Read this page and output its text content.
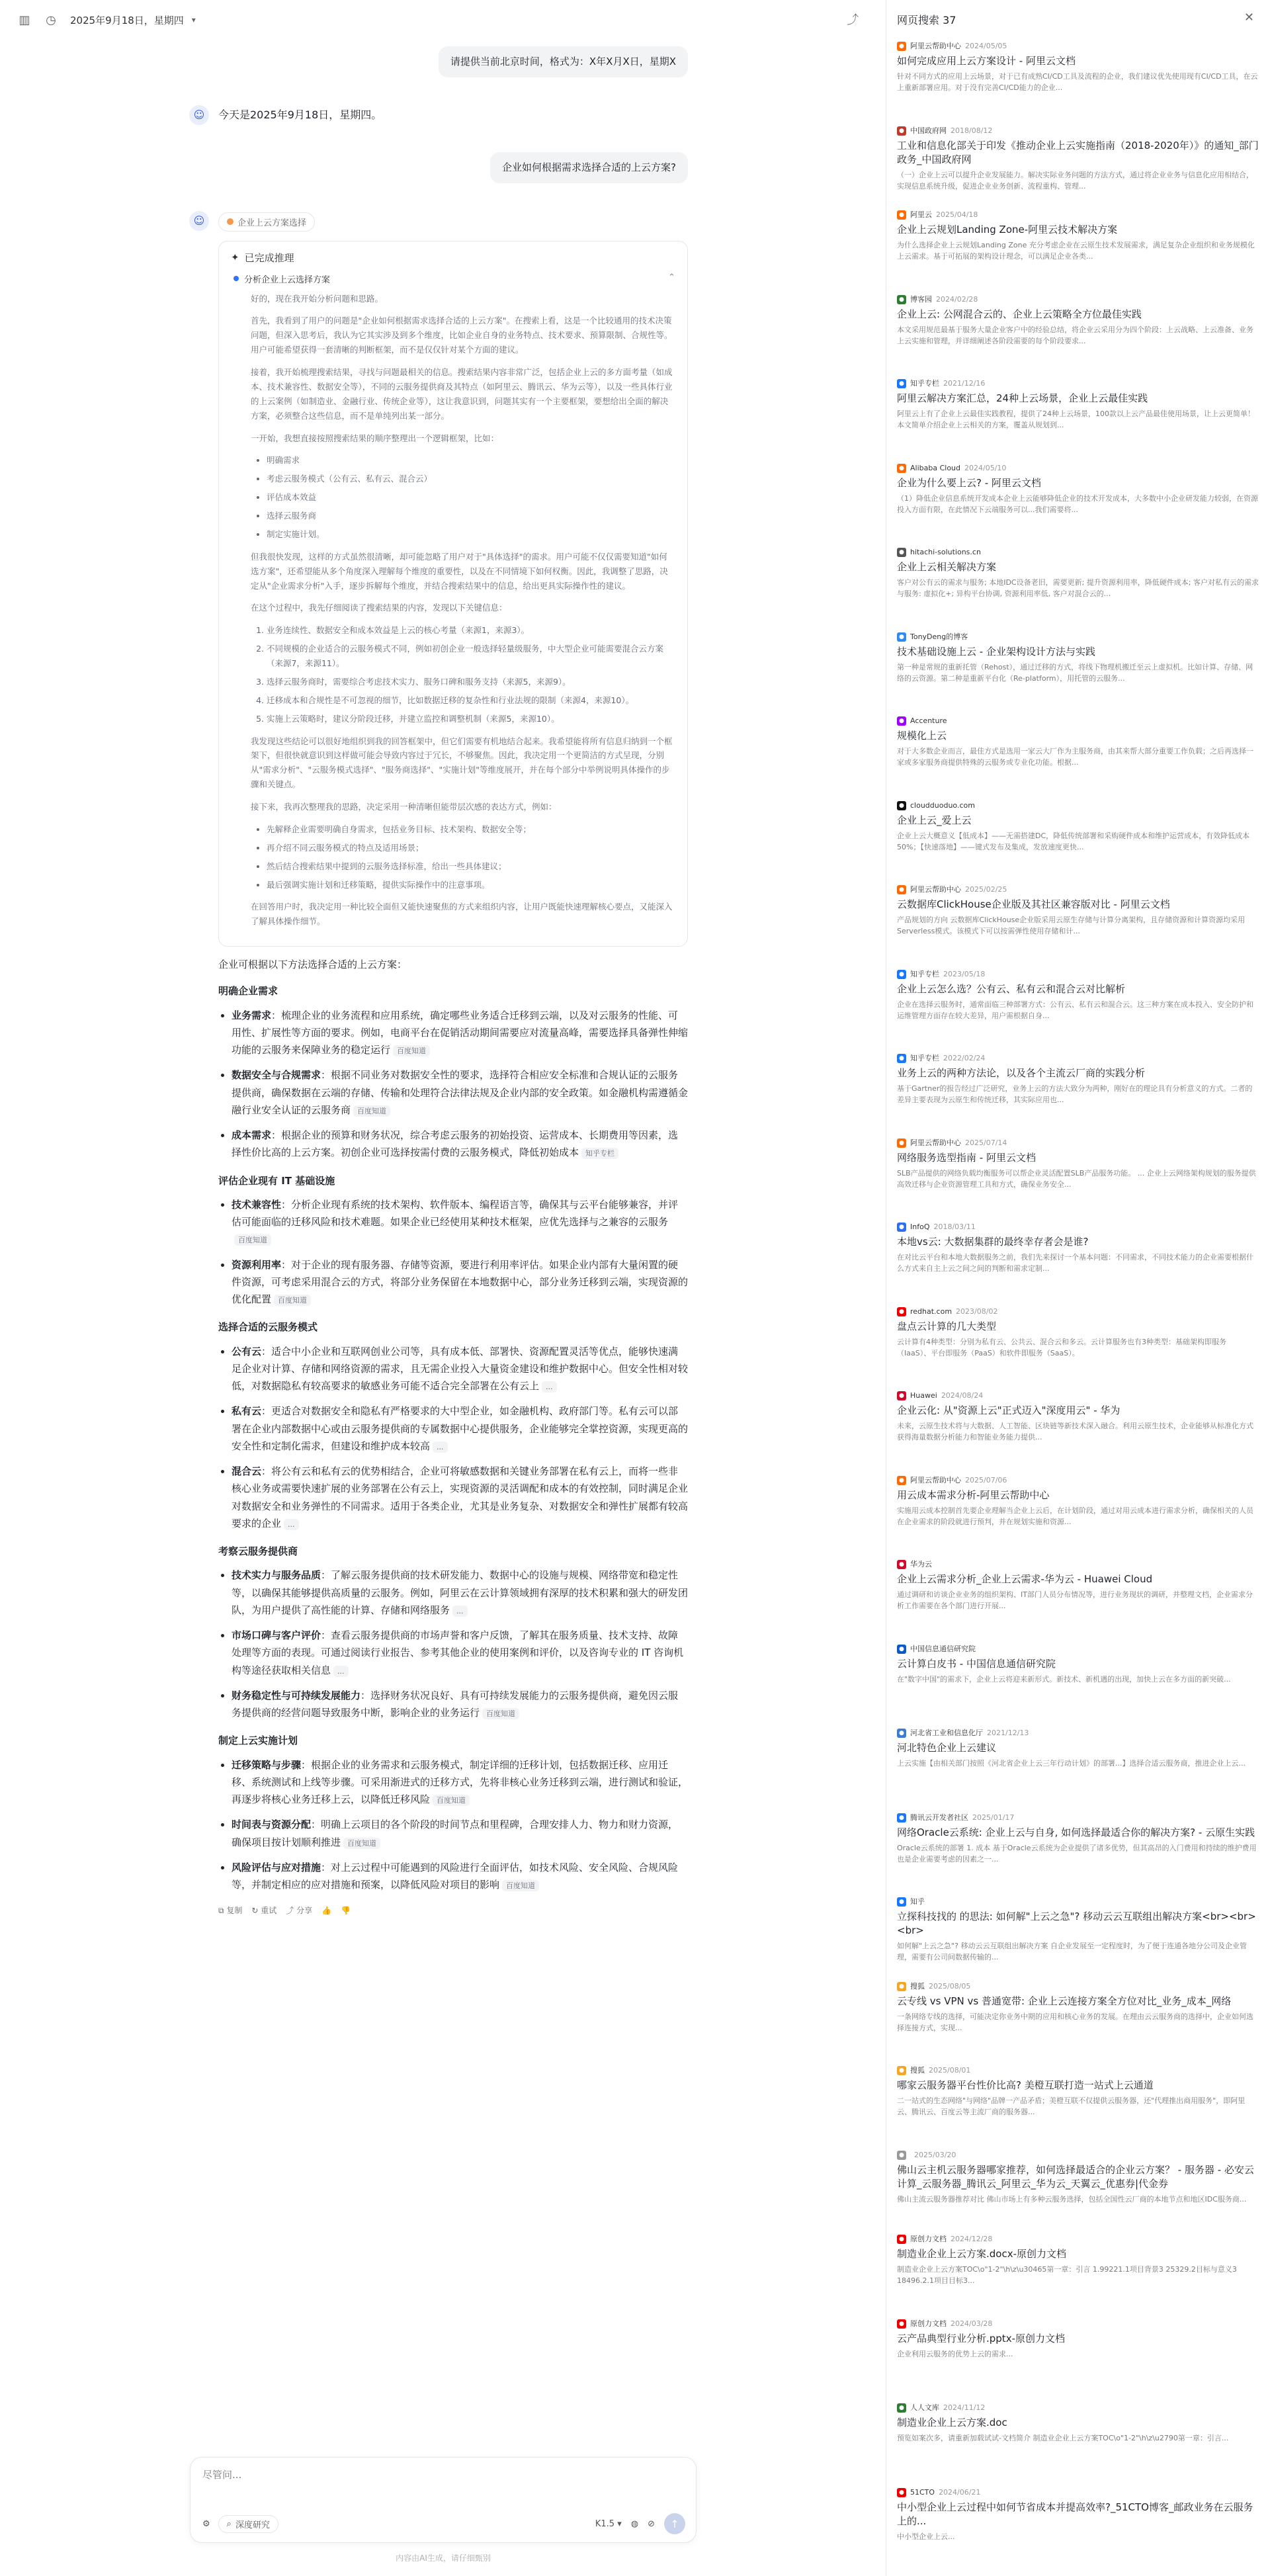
▥ ◷ 2025年9月18日，星期四 ▾	⤴
请提供当前北京时间，格式为：X年X月X日，星期X
☺	今天是2025年9月18日，星期四。
企业如何根据需求选择合适的上云方案?
☺	企业上云方案选择
✦ 已完成推理
分析企业上云选择方案	⌃

好的，现在我开始分析问题和思路。

首先，我看到了用户的问题是"企业如何根据需求选择合适的上云方案"。在搜索上看，这是一个比较通用的技术决策问题，但深入思考后，我认为它其实涉及到多个维度，比如企业自身的业务特点、技术要求、预算限制、合规性等。用户可能希望获得一套清晰的判断框架，而不是仅仅针对某个方面的建议。

接着，我开始梳理搜索结果，寻找与问题最相关的信息。搜索结果内容非常广泛，包括企业上云的多方面考量（如成本、技术兼容性、数据安全等），不同的云服务提供商及其特点（如阿里云、腾讯云、华为云等），以及一些具体行业的上云案例（如制造业、金融行业、传统企业等），这让我意识到，问题其实有一个主要框架，要想给出全面的解决方案，必须整合这些信息，而不是单纯列出某一部分。

一开始，我想直接按照搜索结果的顺序整理出一个逻辑框架，比如：

• 明确需求
• 考虑云服务模式（公有云、私有云、混合云）
• 评估成本效益
• 选择云服务商
• 制定实施计划。

但我很快发现，这样的方式虽然很清晰，却可能忽略了用户对于"具体选择"的需求。用户可能不仅仅需要知道"如何选方案"，还希望能从多个角度深入理解每个维度的重要性，以及在不同情境下如何权衡。因此，我调整了思路，决定从"企业需求分析"入手，逐步拆解每个维度，并结合搜索结果中的信息，给出更具实际操作性的建议。

在这个过程中，我先仔细阅读了搜索结果的内容，发现以下关键信息：

1. 业务连续性、数据安全和成本效益是上云的核心考量（来源1，来源3）。
2. 不同规模的企业适合的云服务模式不同，例如初创企业一般选择轻量级服务，中大型企业可能需要混合云方案（来源7，来源11）。
3. 选择云服务商时，需要综合考虑技术实力、服务口碑和服务支持（来源5，来源9）。
4. 迁移成本和合规性是不可忽视的细节，比如数据迁移的复杂性和行业法规的限制（来源4，来源10）。
5. 实施上云策略时，建议分阶段迁移，并建立监控和调整机制（来源5，来源10）。

我发现这些结论可以很好地组织到我的回答框架中，但它们需要有机地结合起来。我希望能将所有信息归纳到一个框架下，但很快就意识到这样做可能会导致内容过于冗长，不够聚焦。因此，我决定用一个更简洁的方式呈现，分别从"需求分析"、"云服务模式选择"、"服务商选择"、"实施计划"等维度展开，并在每个部分中举例说明具体操作的步骤和关键点。

接下来，我再次整理我的思路，决定采用一种清晰但能带层次感的表达方式，例如：

• 先解释企业需要明确自身需求，包括业务目标、技术架构、数据安全等；
• 再介绍不同云服务模式的特点及适用场景；
• 然后结合搜索结果中提到的云服务选择标准，给出一些具体建议；
• 最后强调实施计划和迁移策略，提供实际操作中的注意事项。

在回答用户时，我决定用一种比较全面但又能快速聚焦的方式来组织内容，让用户既能快速理解核心要点，又能深入了解具体操作细节。

企业可根据以下方法选择合适的上云方案：

明确企业需求
• 业务需求：梳理企业的业务流程和应用系统，确定哪些业务适合迁移到云端，以及对云服务的性能、可用性、扩展性等方面的要求。例如，电商平台在促销活动期间需要应对流量高峰，需要选择具备弹性伸缩功能的云服务来保障业务的稳定运行 百度知道
• 数据安全与合规需求：根据不同业务对数据安全性的要求，选择符合相应安全标准和合规认证的云服务提供商，确保数据在云端的存储、传输和处理符合法律法规及企业内部的安全政策。如金融机构需遵循金融行业安全认证的云服务商 百度知道
• 成本需求：根据企业的预算和财务状况，综合考虑云服务的初始投资、运营成本、长期费用等因素，选择性价比高的上云方案。初创企业可选择按需付费的云服务模式，降低初始成本 知乎专栏
评估企业现有 IT 基础设施
• 技术兼容性：分析企业现有系统的技术架构、软件版本、编程语言等，确保其与云平台能够兼容，并评估可能面临的迁移风险和技术难题。如果企业已经使用某种技术框架，应优先选择与之兼容的云服务百度知道
• 资源利用率：对于企业的现有服务器、存储等资源，要进行利用率评估。如果企业内部有大量闲置的硬件资源，可考虑采用混合云的方式，将部分业务保留在本地数据中心，部分业务迁移到云端，实现资源的优化配置 百度知道
选择合适的云服务模式
• 公有云：适合中小企业和互联网创业公司等，具有成本低、部署快、资源配置灵活等优点，能够快速满足企业对计算、存储和网络资源的需求，且无需企业投入大量资金建设和维护数据中心。但安全性相对较低，对数据隐私有较高要求的敏感业务可能不适合完全部署在公有云上 ...
• 私有云：更适合对数据安全和隐私有严格要求的大中型企业，如金融机构、政府部门等。私有云可以部署在企业内部数据中心或由云服务提供商的专属数据中心提供服务，企业能够完全掌控资源，实现更高的安全性和定制化需求，但建设和维护成本较高 ...
• 混合云：将公有云和私有云的优势相结合，企业可将敏感数据和关键业务部署在私有云上，而将一些非核心业务或需要快速扩展的业务部署在公有云上，实现资源的灵活调配和成本的有效控制，同时满足企业对数据安全和业务弹性的不同需求。适用于各类企业，尤其是业务复杂、对数据安全和弹性扩展都有较高要求的企业 ...
考察云服务提供商
• 技术实力与服务品质：了解云服务提供商的技术研发能力、数据中心的设施与规模、网络带宽和稳定性等，以确保其能够提供高质量的云服务。例如，阿里云在云计算领域拥有深厚的技术积累和强大的研发团队，为用户提供了高性能的计算、存储和网络服务 ...
• 市场口碑与客户评价：查看云服务提供商的市场声誉和客户反馈，了解其在服务质量、技术支持、故障处理等方面的表现。可通过阅读行业报告、参考其他企业的使用案例和评价，以及咨询专业的 IT 咨询机构等途径获取相关信息 ...
• 财务稳定性与可持续发展能力：选择财务状况良好、具有可持续发展能力的云服务提供商，避免因云服务提供商的经营问题导致服务中断，影响企业的业务运行 百度知道
制定上云实施计划
• 迁移策略与步骤：根据企业的业务需求和云服务模式，制定详细的迁移计划，包括数据迁移、应用迁移、系统测试和上线等步骤。可采用渐进式的迁移方式，先将非核心业务迁移到云端，进行测试和验证，再逐步将核心业务迁移上云，以降低迁移风险 百度知道
• 时间表与资源分配：明确上云项目的各个阶段的时间节点和里程碑，合理安排人力、物力和财力资源，确保项目按计划顺利推进 百度知道
• 风险评估与应对措施：对上云过程中可能遇到的风险进行全面评估，如技术风险、安全风险、合规风险等，并制定相应的应对措施和预案，以降低风险对项目的影响 百度知道
⧉ 复制 ↻ 重试 ⤴ 分享 👍 👎
尽管问...
⚙ ⌕ 深度研究	K1.5 ▾ ◍ ⊘	↑
内容由AI生成，请仔细甄别
网页搜索 37	✕
● 阿里云帮助中心 2024/05/05
如何完成应用上云方案设计 - 阿里云文档
针对不同方式的应用上云场景，对于已有成熟CI/CD工具及流程的企业，我们建议优先使用现有CI/CD工具，在云上重新部署应用。对于没有完善CI/CD能力的企业...
● 中国政府网 2018/08/12
工业和信息化部关于印发《推动企业上云实施指南（2018-2020年）》的通知_部门政务_中国政府网
（一）企业上云可以提升企业发展能力。解决实际业务问题的方法方式，通过将企业业务与信息化应用相结合，实现信息系统升级，促进企业业务创新、流程重构、管理...
● 阿里云 2025/04/18
企业上云规划Landing Zone-阿里云技术解决方案
为什么选择企业上云规划Landing Zone 充分考虑企业在云原生技术发展需求，满足复杂企业组织和业务规模化上云需求。基于可拓展的架构设计理念，可以满足企业各类...
● 博客园 2024/02/28
企业上云: 公网混合云的、企业上云策略全方位最佳实践
本文采用规范最基于服务大量企业客户中的经验总结，将企业云采用分为四个阶段：上云战略、上云准备、业务上云实施和管理，并详细阐述各阶段需要的每个阶段要求...
● 知乎专栏 2021/12/16
阿里云解决方案汇总，24种上云场景，企业上云最佳实践
阿里云上有了企业上云最佳实践教程，提供了24种上云场景，100款以上云产品最佳使用场景，让上云更简单！本文简单介绍企业上云相关的方案，覆盖从规划到...
● Alibaba Cloud 2024/05/10
企业为什么要上云? - 阿里云文档
（1）降低企业信息系统开发成本企业上云能够降低企业的技术开发成本，大多数中小企业研发能力较弱，在资源投入方面有限，在此情况下云端服务可以...我们需要将...
● hitachi-solutions.cn
企业上云相关解决方案
客户对公有云的需求与服务; 本地IDC设备老旧，需要更新; 提升资源利用率，降低硬件成本; 客户对私有云的需求与服务: 虚拟化+; 异构平台协调, 资源利用率低, 客户对混合云的...
● TonyDeng的博客
技术基础设施上云 - 企业架构设计方法与实践
第一种是常规的重新托管（Rehost），通过迁移的方式，将线下物理机搬迁至云上虚拟机。比如计算、存储、网络的云资源。第二种是重新平台化（Re-platform），用托管的云服务...
● Accenture
规模化上云
对于大多数企业而言，最佳方式是选用一家云大厂作为主服务商，由其来帮大部分重要工作负载；之后再选择一家或多家服务商提供特殊的云服务或专业化功能。根据...
● cloudduoduo.com
企业上云_爱上云
企业上云大概意义【低成本】——无需搭建DC，降低传统部署和采购硬件成本和维护运营成本，有效降低成本50%；【快速落地】——键式发布及集成，发放速度更快...
● 阿里云帮助中心 2025/02/25
云数据库ClickHouse企业版及其社区兼容版对比 - 阿里云文档
产品规划的方向 云数据库ClickHouse企业版采用云原生存储与计算分离架构，且存储资源和计算资源均采用Serverless模式。该模式下可以按需弹性使用存储和计...
● 知乎专栏 2023/05/18
企业上云怎么选？公有云、私有云和混合云对比解析
企业在选择云服务时，通常面临三种部署方式：公有云、私有云和混合云。这三种方案在成本投入、安全防护和运维管理方面存在较大差异，用户需根据自身...
● 知乎专栏 2022/02/24
业务上云的两种方法论，以及各个主流云厂商的实践分析
基于Gartner的报告经过广泛研究，业务上云的方法大致分为两种，刚好在的理论具有分析意义的方式。二者的差异主要表现为云原生和传统迁移，其实际应用也...
● 阿里云帮助中心 2025/07/14
网络服务选型指南 - 阿里云文档
SLB产品提供的网络负载均衡服务可以帮企业灵活配置SLB产品服务功能。 ... 企业上云网络架构规划的服务提供高效迁移与企业资源管理工具和方式，确保业务安全...
● InfoQ 2018/03/11
本地vs云: 大数据集群的最终幸存者会是谁?
在对比云平台和本地大数据服务之前，我们先来探讨一个基本问题：不同需求，不同技术能力的企业需要根据什么方式来自主上云之间之间的判断和需求定制...
● redhat.com 2023/08/02
盘点云计算的几大类型
云计算有4种类型：分别为私有云、公共云、混合云和多云。云计算服务也有3种类型：基础架构即服务（IaaS）、平台即服务（PaaS）和软件即服务（SaaS）。
● Huawei 2024/08/24
企业云化: 从"资源上云"正式迈入"深度用云" - 华为
未来，云原生技术将与大数据、人工智能、区块链等新技术深入融合。利用云原生技术，企业能够从标准化方式获得海量数据分析能力和智能业务能力提供...
● 阿里云帮助中心 2025/07/06
用云成本需求分析-阿里云帮助中心
实施用云成本控制首先要企业理解当企业上云后，在计划阶段，通过对用云成本进行需求分析，确保相关的人员在企业需求的阶段就进行预判，并在规划实施和资源...
● 华为云
企业上云需求分析_企业上云需求-华为云 - Huawei Cloud
通过调研和访谈企业业务的组织架构、IT部门人员分布情况等，进行业务现状的调研，并整理文档，企业需求分析工作需要在各个部门进行开展...
● 中国信息通信研究院
云计算白皮书 - 中国信息通信研究院
在"数字中国"的需求下，企业上云将迎来新形式。新技术、新机遇的出现，加快上云在多方面的新突破...
● 河北省工业和信息化厅 2021/12/13
河北特色企业上云建议
上云实施【由相关部门按照《河北省企业上云三年行动计划》的部署...】选择合适云服务商，推进企业上云...
● 腾讯云开发者社区 2025/01/17
网络Oracle云系统: 企业上云与自身, 如何选择最适合你的解决方案? - 云原生实践
Oracle云系统的部署 1. 成本 基于Oracle云系统为企业提供了诸多优势，但其高昂的入门费用和持续的维护费用也是企业需要考虑的因素之一...
● 知乎
立探科技找的 的思法: 如何解"上云之急"? 移动云云互联组出解决方案<br><br><br>
如何解"上云之急"? 移动云云互联组出解决方案 自企业发展至一定程度时，为了便于连通各地分公司及企业管理，需要有公司间数据传输的...
● 搜狐 2025/08/05
云专线 vs VPN vs 普通宽带: 企业上云连接方案全方位对比_业务_成本_网络
一条网络专线的选择，可能决定你业务中期的应用和核心业务的发展。在理由云云服务商的选择中，企业如何选择连接方式，实现...
● 搜狐 2025/08/01
哪家云服务器平台性价比高? 美橙互联打造一站式上云通道
二一站式的生态网络"与网络"品牌一产品矛盾；美橙互联不仅提供云服务器，还"代理推出商用服务"，即阿里云、腾讯云、百度云等主流厂商的服务器...
● 2025/03/20
佛山云主机云服务器哪家推荐，如何选择最适合的企业云方案？ - 服务器 - 必安云计算_云服务器_腾讯云_阿里云_华为云_天翼云_优惠券|代金券
佛山主流云服务器推荐对比 佛山市场上有多种云服务选择，包括全国性云厂商的本地节点和地区IDC服务商...
● 原创力文档 2024/12/28
制造业企业上云方案.docx-原创力文档
制造业企业上云方案TOC\o"1-2"\h\z\u30465第一章：引言 1.99221.1项目背景3 25329.2目标与意义3 18496.2.1项目目标3...
● 原创力文档 2024/03/28
云产品典型行业分析.pptx-原创力文档
企业利用云服务的优势上云的需求...
● 人人文库 2024/11/12
制造业企业上云方案.doc
预览如案次多，请重新加载试试-文档简介 制造业企业上云方案TOC\o"1-2"\h\z\u2790第一章：引言...
● 51CTO 2024/06/21
中小型企业上云过程中如何节省成本并提高效率?_51CTO博客_邮政业务在云服务上的...
中小型企业上云...
